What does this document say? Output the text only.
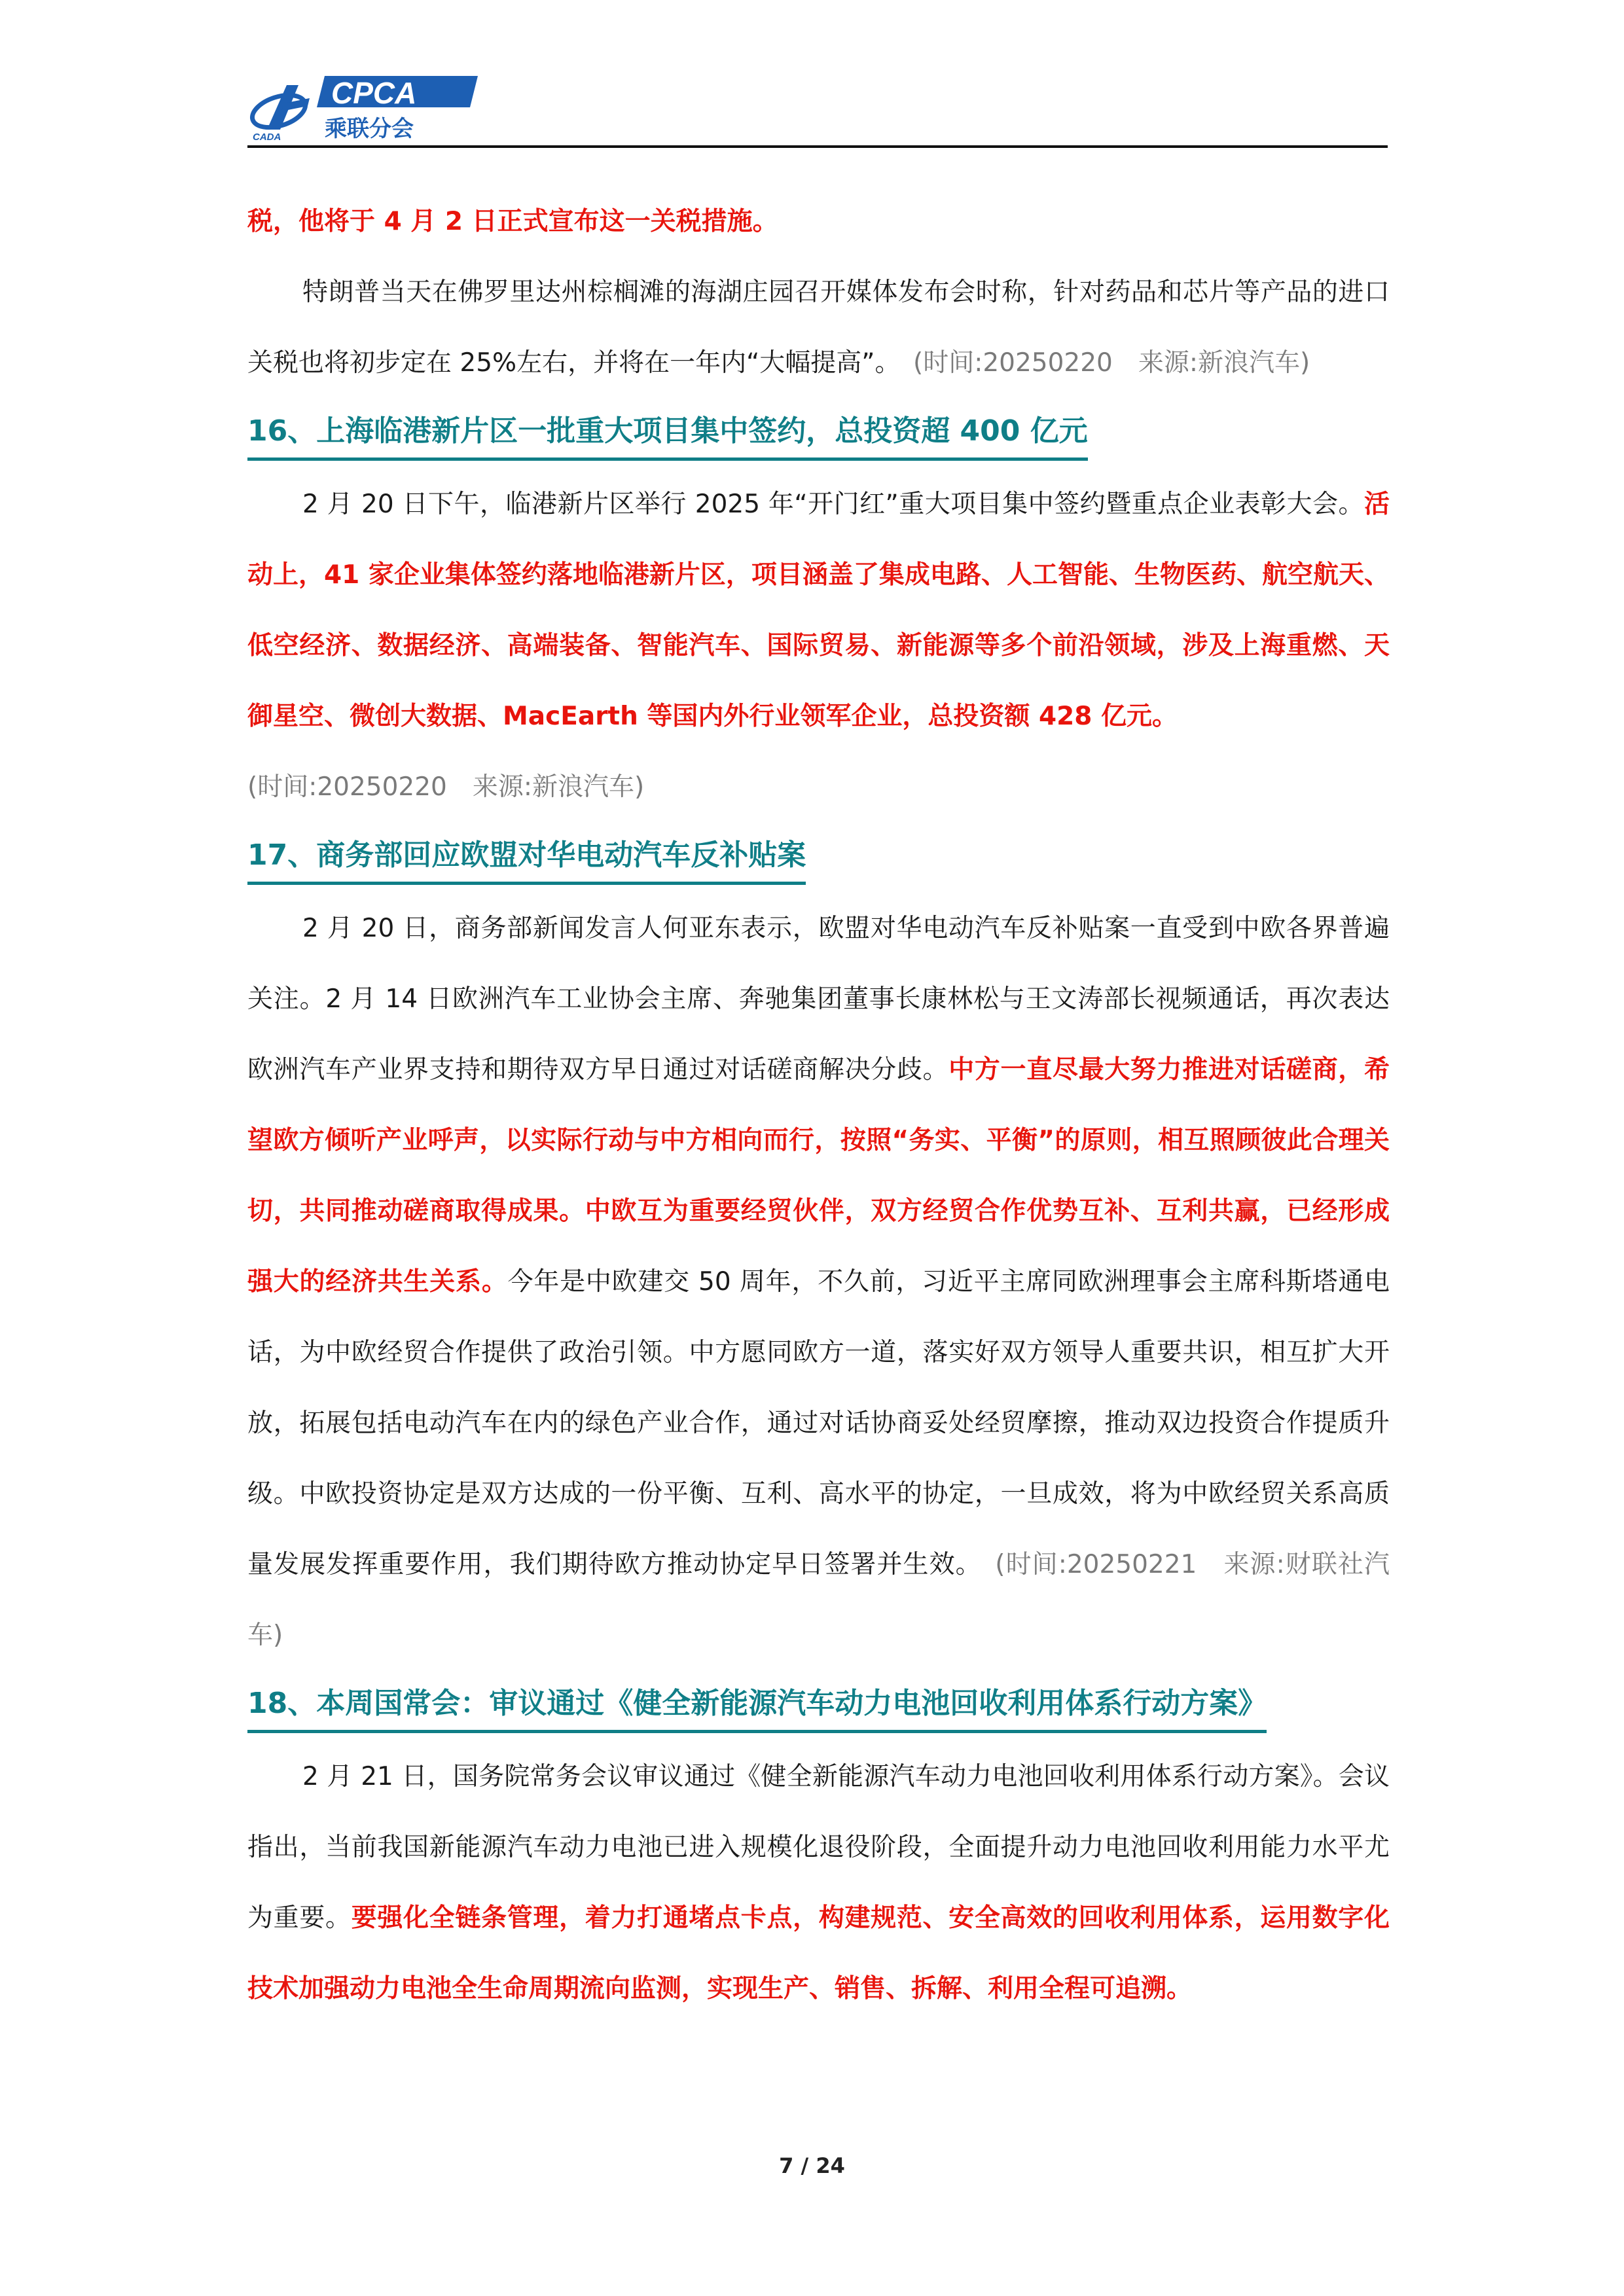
CADA
CPCA
乘联分会

税，他将于 4 月 2 日正式宣布这一关税措施。

特朗普当天在佛罗里达州棕榈滩的海湖庄园召开媒体发布会时称，针对药品和芯片等产品的进口关税也将初步定在 25%左右，并将在一年内“大幅提高”。　 (时间:20250220　来源:新浪汽车)

16、上海临港新片区一批重大项目集中签约，总投资超 400 亿元

2 月 20 日下午，临港新片区举行 2025 年“开门红”重大项目集中签约暨重点企业表彰大会。活动上，41 家企业集体签约落地临港新片区，项目涵盖了集成电路、人工智能、生物医药、航空航天、低空经济、数据经济、高端装备、智能汽车、国际贸易、新能源等多个前沿领域，涉及上海重燃、天御星空、微创大数据、MacEarth 等国内外行业领军企业，总投资额 428 亿元。
(时间:20250220　来源:新浪汽车)

17、商务部回应欧盟对华电动汽车反补贴案

2 月 20 日，商务部新闻发言人何亚东表示，欧盟对华电动汽车反补贴案一直受到中欧各界普遍关注。2 月 14 日欧洲汽车工业协会主席、奔驰集团董事长康林松与王文涛部长视频通话，再次表达欧洲汽车产业界支持和期待双方早日通过对话磋商解决分歧。中方一直尽最大努力推进对话磋商，希望欧方倾听产业呼声，以实际行动与中方相向而行，按照“务实、平衡”的原则，相互照顾彼此合理关切，共同推动磋商取得成果。中欧互为重要经贸伙伴，双方经贸合作优势互补、互利共赢，已经形成强大的经济共生关系。今年是中欧建交 50 周年，不久前，习近平主席同欧洲理事会主席科斯塔通电话，为中欧经贸合作提供了政治引领。中方愿同欧方一道，落实好双方领导人重要共识，相互扩大开放，拓展包括电动汽车在内的绿色产业合作，通过对话协商妥处经贸摩擦，推动双边投资合作提质升级。中欧投资协定是双方达成的一份平衡、互利、高水平的协定，一旦成效，将为中欧经贸关系高质量发展发挥重要作用，我们期待欧方推动协定早日签署并生效。　 (时间:20250221　来源:财联社汽车)

18、本周国常会：审议通过《健全新能源汽车动力电池回收利用体系行动方案》

2 月 21 日，国务院常务会议审议通过《健全新能源汽车动力电池回收利用体系行动方案》。会议指出，当前我国新能源汽车动力电池已进入规模化退役阶段，全面提升动力电池回收利用能力水平尤为重要。要强化全链条管理，着力打通堵点卡点，构建规范、安全高效的回收利用体系，运用数字化技术加强动力电池全生命周期流向监测，实现生产、销售、拆解、利用全程可追溯。

7 / 24
